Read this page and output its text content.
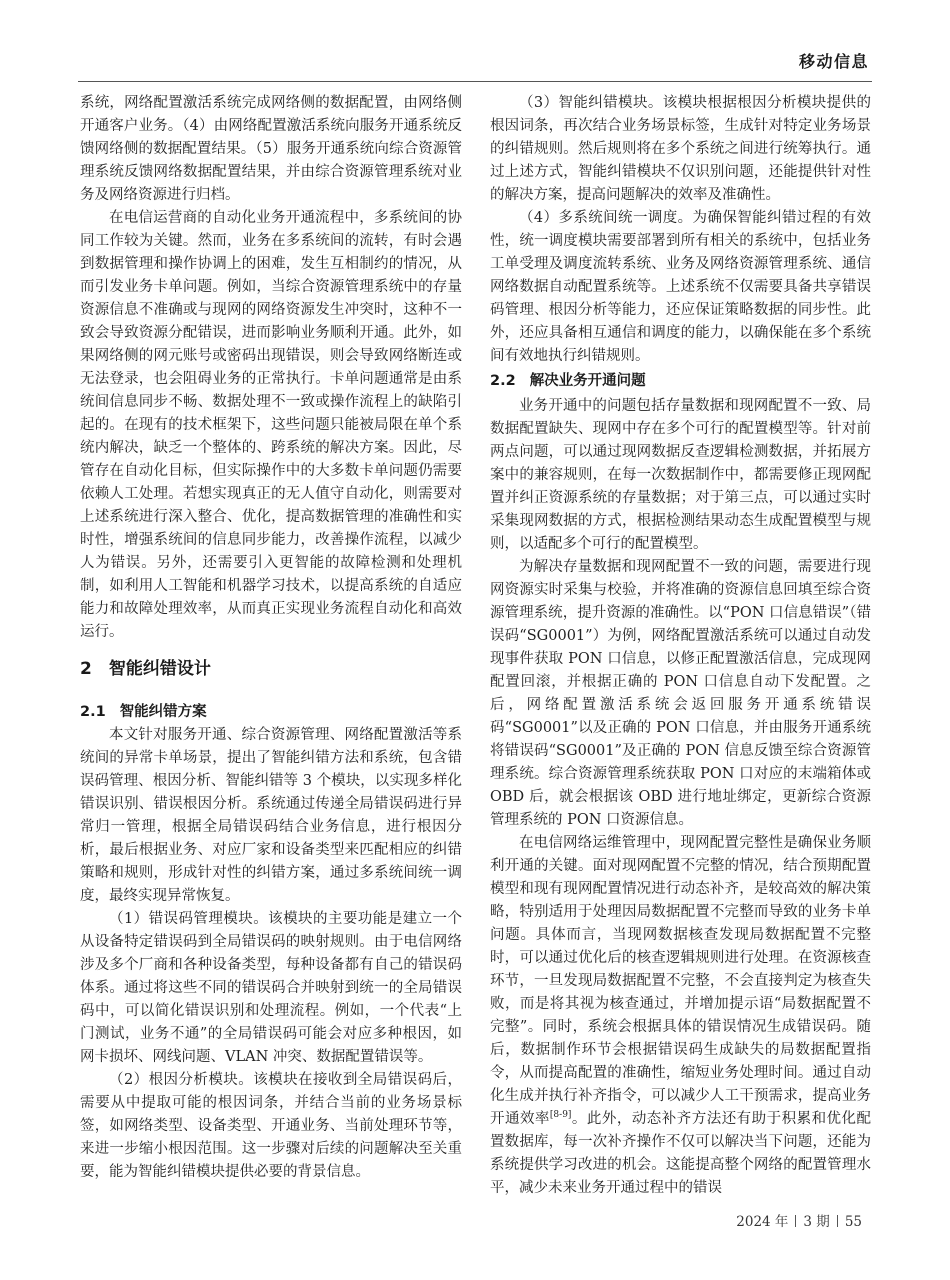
移动信息

系统，网络配置激活系统完成网络侧的数据配置，由网络侧开通客户业务。（4）由网络配置激活系统向服务开通系统反馈网络侧的数据配置结果。（5）服务开通系统向综合资源管理系统反馈网络数据配置结果，并由综合资源管理系统对业务及网络资源进行归档。

在电信运营商的自动化业务开通流程中，多系统间的协同工作较为关键。然而，业务在多系统间的流转，有时会遇到数据管理和操作协调上的困难，发生互相制约的情况，从而引发业务卡单问题。例如，当综合资源管理系统中的存量资源信息不准确或与现网的网络资源发生冲突时，这种不一致会导致资源分配错误，进而影响业务顺利开通。此外，如果网络侧的网元账号或密码出现错误，则会导致网络断连或无法登录，也会阻碍业务的正常执行。卡单问题通常是由系统间信息同步不畅、数据处理不一致或操作流程上的缺陷引起的。在现有的技术框架下，这些问题只能被局限在单个系统内解决，缺乏一个整体的、跨系统的解决方案。因此，尽管存在自动化目标，但实际操作中的大多数卡单问题仍需要依赖人工处理。若想实现真正的无人值守自动化，则需要对上述系统进行深入整合、优化，提高数据管理的准确性和实时性，增强系统间的信息同步能力，改善操作流程，以减少人为错误。另外，还需要引入更智能的故障检测和处理机制，如利用人工智能和机器学习技术，以提高系统的自适应能力和故障处理效率，从而真正实现业务流程自动化和高效运行。

2 智能纠错设计
2.1 智能纠错方案

本文针对服务开通、综合资源管理、网络配置激活等系统间的异常卡单场景，提出了智能纠错方法和系统，包含错误码管理、根因分析、智能纠错等 3 个模块，以实现多样化错误识别、错误根因分析。系统通过传递全局错误码进行异常归一管理，根据全局错误码结合业务信息，进行根因分析，最后根据业务、对应厂家和设备类型来匹配相应的纠错策略和规则，形成针对性的纠错方案，通过多系统间统一调度，最终实现异常恢复。

（1）错误码管理模块。该模块的主要功能是建立一个从设备特定错误码到全局错误码的映射规则。由于电信网络涉及多个厂商和各种设备类型，每种设备都有自己的错误码体系。通过将这些不同的错误码合并映射到统一的全局错误码中，可以简化错误识别和处理流程。例如，一个代表“上门测试，业务不通”的全局错误码可能会对应多种根因，如网卡损坏、网线问题、VLAN 冲突、数据配置错误等。

（2）根因分析模块。该模块在接收到全局错误码后，需要从中提取可能的根因词条，并结合当前的业务场景标签，如网络类型、设备类型、开通业务、当前处理环节等，来进一步缩小根因范围。这一步骤对后续的问题解决至关重要，能为智能纠错模块提供必要的背景信息。

（3）智能纠错模块。该模块根据根因分析模块提供的根因词条，再次结合业务场景标签，生成针对特定业务场景的纠错规则。然后规则将在多个系统之间进行统筹执行。通过上述方式，智能纠错模块不仅识别问题，还能提供针对性的解决方案，提高问题解决的效率及准确性。

（4）多系统间统一调度。为确保智能纠错过程的有效性，统一调度模块需要部署到所有相关的系统中，包括业务工单受理及调度流转系统、业务及网络资源管理系统、通信网络数据自动配置系统等。上述系统不仅需要具备共享错误码管理、根因分析等能力，还应保证策略数据的同步性。此外，还应具备相互通信和调度的能力，以确保能在多个系统间有效地执行纠错规则。

2.2 解决业务开通问题

业务开通中的问题包括存量数据和现网配置不一致、局数据配置缺失、现网中存在多个可行的配置模型等。针对前两点问题，可以通过现网数据反查逻辑检测数据，并拓展方案中的兼容规则，在每一次数据制作中，都需要修正现网配置并纠正资源系统的存量数据；对于第三点，可以通过实时采集现网数据的方式，根据检测结果动态生成配置模型与规则，以适配多个可行的配置模型。

为解决存量数据和现网配置不一致的问题，需要进行现网资源实时采集与校验，并将准确的资源信息回填至综合资源管理系统，提升资源的准确性。以“PON 口信息错误”（错误码“SG0001”）为例，网络配置激活系统可以通过自动发现事件获取 PON 口信息，以修正配置激活信息，完成现网配置回滚，并根据正确的 PON 口信息自动下发配置。之后，网络配置激活系统会返回服务开通系统错误码“SG0001”以及正确的 PON 口信息，并由服务开通系统将错误码“SG0001”及正确的 PON 信息反馈至综合资源管理系统。综合资源管理系统获取 PON 口对应的末端箱体或 OBD 后，就会根据该 OBD 进行地址绑定，更新综合资源管理系统的 PON 口资源信息。

在电信网络运维管理中，现网配置完整性是确保业务顺利开通的关键。面对现网配置不完整的情况，结合预期配置模型和现有现网配置情况进行动态补齐，是较高效的解决策略，特别适用于处理因局数据配置不完整而导致的业务卡单问题。具体而言，当现网数据核查发现局数据配置不完整时，可以通过优化后的核查逻辑规则进行处理。在资源核查环节，一旦发现局数据配置不完整，不会直接判定为核查失败，而是将其视为核查通过，并增加提示语“局数据配置不完整”。同时，系统会根据具体的错误情况生成错误码。随后，数据制作环节会根据错误码生成缺失的局数据配置指令，从而提高配置的准确性，缩短业务处理时间。通过自动化生成并执行补齐指令，可以减少人工干预需求，提高业务开通效率[8-9]。此外，动态补齐方法还有助于积累和优化配置数据库，每一次补齐操作不仅可以解决当下问题，还能为系统提供学习改进的机会。这能提高整个网络的配置管理水平，减少未来业务开通过程中的错误

2024 年 3 期 55
